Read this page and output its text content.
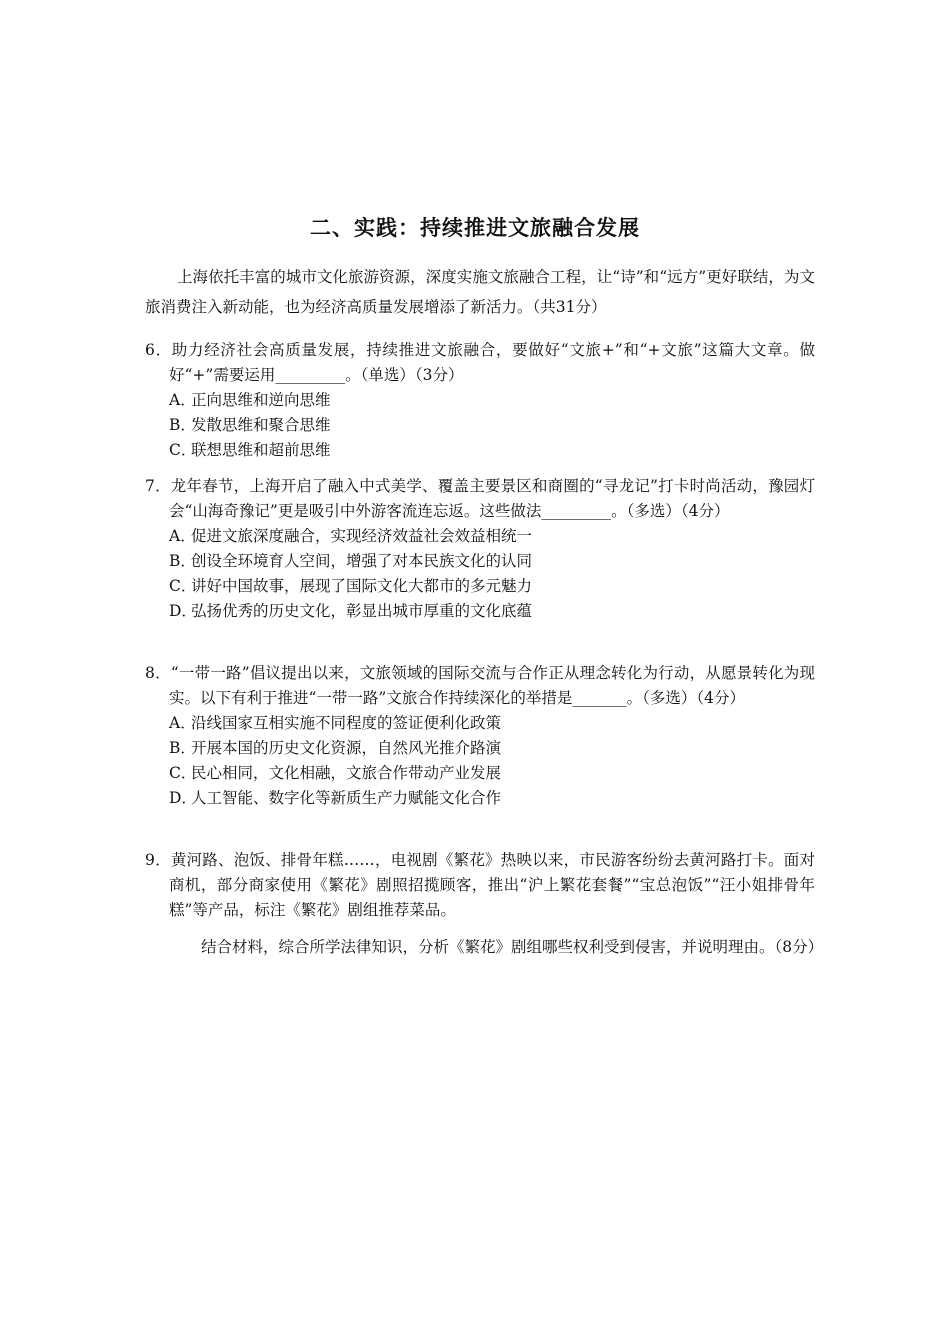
二、实践：持续推进文旅融合发展
上海依托丰富的城市文化旅游资源，深度实施文旅融合工程，让“诗”和“远方”更好联结，为文旅消费注入新动能，也为经济高质量发展增添了新活力。（共31分）
6．助力经济社会高质量发展，持续推进文旅融合，要做好“文旅+”和“+文旅”这篇大文章。做好“+”需要运用_________。（单选）（3分）
A．正向思维和逆向思维
B．发散思维和聚合思维
C．联想思维和超前思维
7．龙年春节，上海开启了融入中式美学、覆盖主要景区和商圈的“寻龙记”打卡时尚活动，豫园灯会“山海奇豫记”更是吸引中外游客流连忘返。这些做法_________。（多选）（4分）
A．促进文旅深度融合，实现经济效益社会效益相统一
B．创设全环境育人空间，增强了对本民族文化的认同
C．讲好中国故事，展现了国际文化大都市的多元魅力
D．弘扬优秀的历史文化，彰显出城市厚重的文化底蕴
8．“一带一路”倡议提出以来，文旅领域的国际交流与合作正从理念转化为行动，从愿景转化为现实。以下有利于推进“一带一路”文旅合作持续深化的举措是_______。（多选）（4分）
A．沿线国家互相实施不同程度的签证便利化政策
B．开展本国的历史文化资源，自然风光推介路演
C．民心相同，文化相融，文旅合作带动产业发展
D．人工智能、数字化等新质生产力赋能文化合作
9．黄河路、泡饭、排骨年糕……，电视剧《繁花》热映以来，市民游客纷纷去黄河路打卡。面对商机，部分商家使用《繁花》剧照招揽顾客，推出“沪上繁花套餐”“宝总泡饭”“汪小姐排骨年糕”等产品，标注《繁花》剧组推荐菜品。
结合材料，综合所学法律知识，分析《繁花》剧组哪些权利受到侵害，并说明理由。（8分）
